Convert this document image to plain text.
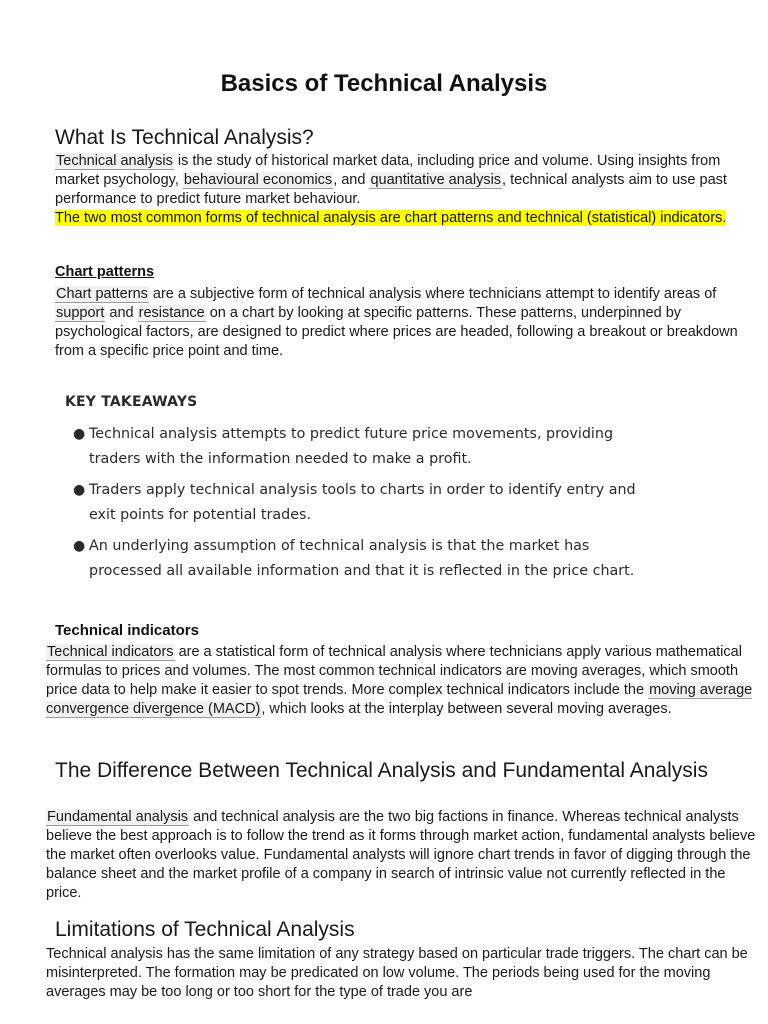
Basics of Technical Analysis
What Is Technical Analysis?

Technical analysis is the study of historical market data, including price and volume. Using insights from market psychology, behavioural economics, and quantitative analysis, technical analysts aim to use past performance to predict future market behaviour.
The two most common forms of technical analysis are chart patterns and technical (statistical) indicators.

Chart patterns

Chart patterns are a subjective form of technical analysis where technicians attempt to identify areas of support and resistance on a chart by looking at specific patterns. These patterns, underpinned by psychological factors, are designed to predict where prices are headed, following a breakout or breakdown from a specific price point and time.

KEY TAKEAWAYS

● Technical analysis attempts to predict future price movements, providing traders with the information needed to make a profit.
● Traders apply technical analysis tools to charts in order to identify entry and exit points for potential trades.
● An underlying assumption of technical analysis is that the market has processed all available information and that it is reflected in the price chart.

Technical indicators

Technical indicators are a statistical form of technical analysis where technicians apply various mathematical formulas to prices and volumes. The most common technical indicators are moving averages, which smooth price data to help make it easier to spot trends. More complex technical indicators include the moving average convergence divergence (MACD), which looks at the interplay between several moving averages.

The Difference Between Technical Analysis and Fundamental Analysis

Fundamental analysis and technical analysis are the two big factions in finance. Whereas technical analysts believe the best approach is to follow the trend as it forms through market action, fundamental analysts believe the market often overlooks value. Fundamental analysts will ignore chart trends in favor of digging through the balance sheet and the market profile of a company in search of intrinsic value not currently reflected in the price.

Limitations of Technical Analysis

Technical analysis has the same limitation of any strategy based on particular trade triggers. The chart can be misinterpreted. The formation may be predicated on low volume. The periods being used for the moving averages may be too long or too short for the type of trade you are
